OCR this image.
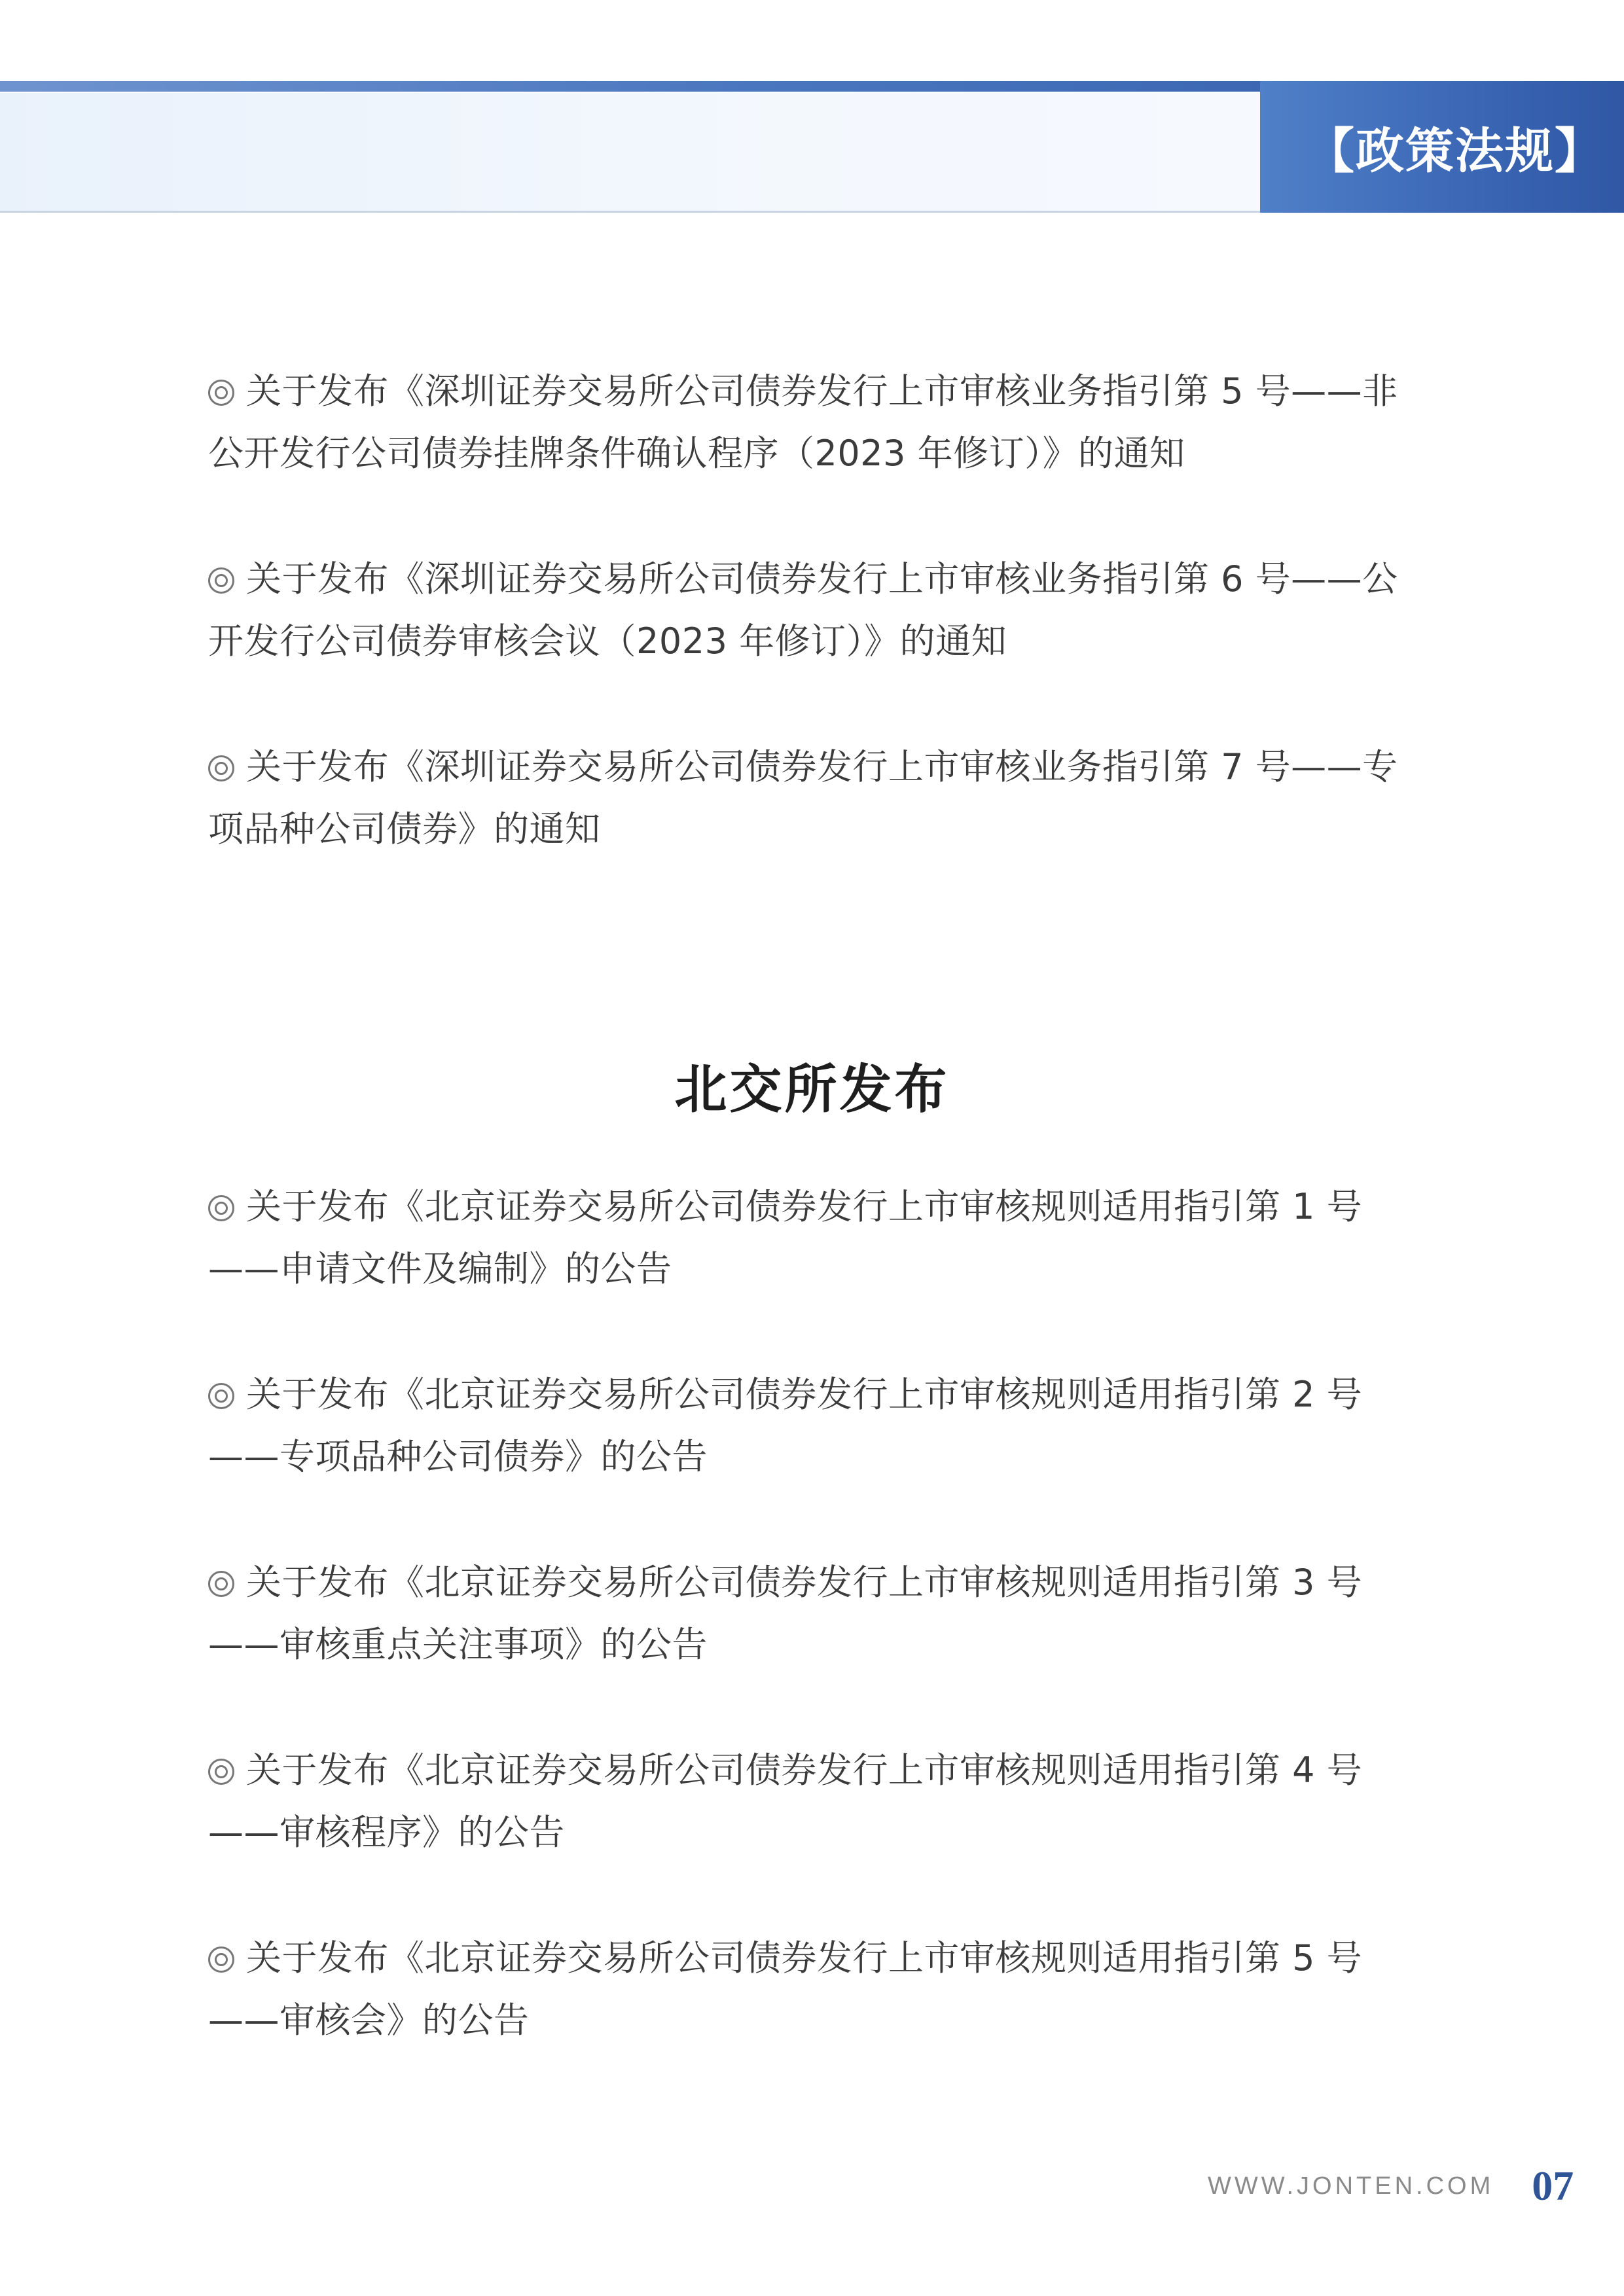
【政策法规】
关于发布《深圳证券交易所公司债券发行上市审核业务指引第 5 号——非公开发行公司债券挂牌条件确认程序（2023 年修订）》的通知
关于发布《深圳证券交易所公司债券发行上市审核业务指引第 6 号——公开发行公司债券审核会议（2023 年修订）》的通知
关于发布《深圳证券交易所公司债券发行上市审核业务指引第 7 号——专项品种公司债券》的通知
北交所发布
关于发布《北京证券交易所公司债券发行上市审核规则适用指引第 1 号——申请文件及编制》的公告
关于发布《北京证券交易所公司债券发行上市审核规则适用指引第 2 号——专项品种公司债券》的公告
关于发布《北京证券交易所公司债券发行上市审核规则适用指引第 3 号——审核重点关注事项》的公告
关于发布《北京证券交易所公司债券发行上市审核规则适用指引第 4 号——审核程序》的公告
关于发布《北京证券交易所公司债券发行上市审核规则适用指引第 5 号——审核会》的公告
WWW.JONTEN.COM 07
